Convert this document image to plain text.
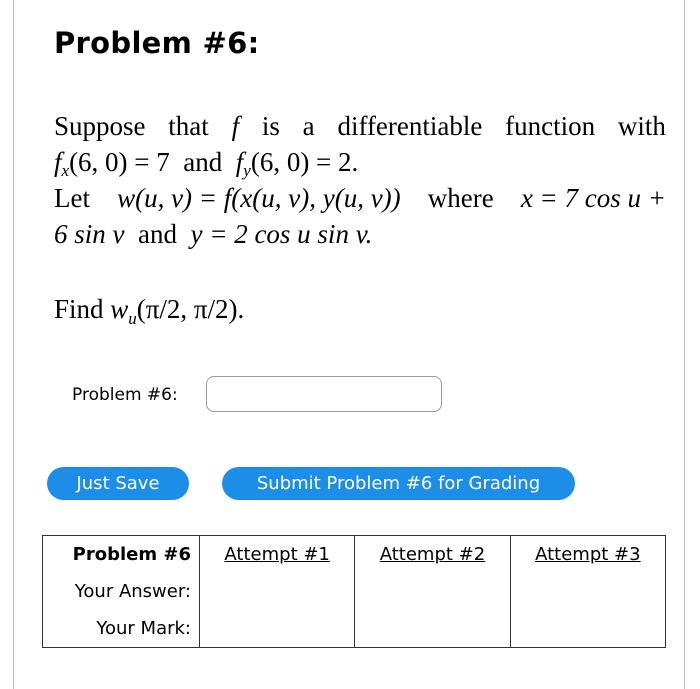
Problem #6:
Suppose that f is a differentiable function with
$f_x(6$, 0) = 7 and $f_y(6$, 0) = 2.
Let w(u, v) = f(x(u, v), y(u, v)) where x = 7 cos u +
6 sin v and y = 2 cos u sin v.
Find $w_u(\pi/2$, π/2).
Problem #6:
Just Save	Submit Problem #6 for Grading
Problem #6	Attempt #1	Attempt #2	Attempt #3
Your Answer:
Your Mark:
